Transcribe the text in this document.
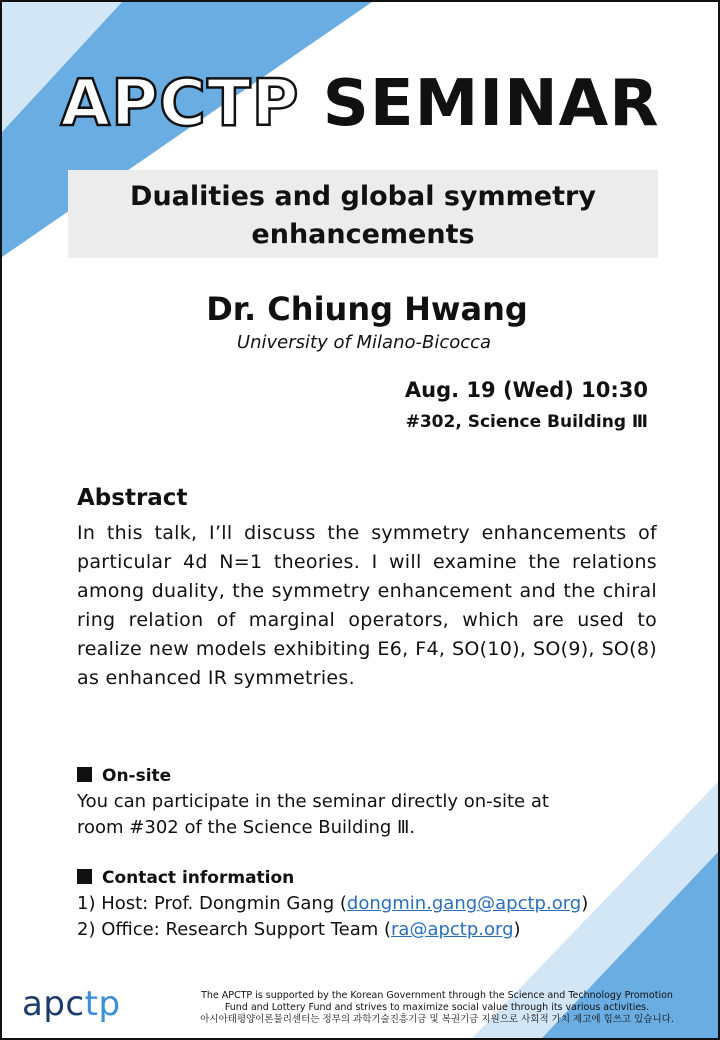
APCTP SEMINAR
Dualities and global symmetry enhancements
Dr. Chiung Hwang
University of Milano-Bicocca
Aug. 19 (Wed) 10:30
#302, Science Building Ⅲ
Abstract
In this talk, I’ll discuss the symmetry enhancements of particular 4d N=1 theories. I will examine the relations among duality, the symmetry enhancement and the chiral ring relation of marginal operators, which are used to realize new models exhibiting E6, F4, SO(10), SO(9), SO(8) as enhanced IR symmetries.
On-site
You can participate in the seminar directly on-site at
room #302 of the Science Building Ⅲ.
Contact information
1) Host: Prof. Dongmin Gang (dongmin.gang@apctp.org)
2) Office: Research Support Team (ra@apctp.org)
apctp	The APCTP is supported by the Korean Government through the Science and Technology Promotion
Fund and Lottery Fund and strives to maximize social value through its various activities.
아시아태평양이론물리센터는 정부의 과학기술진흥기금 및 복권기금 지원으로 사회적 가치 제고에 힘쓰고 있습니다.
